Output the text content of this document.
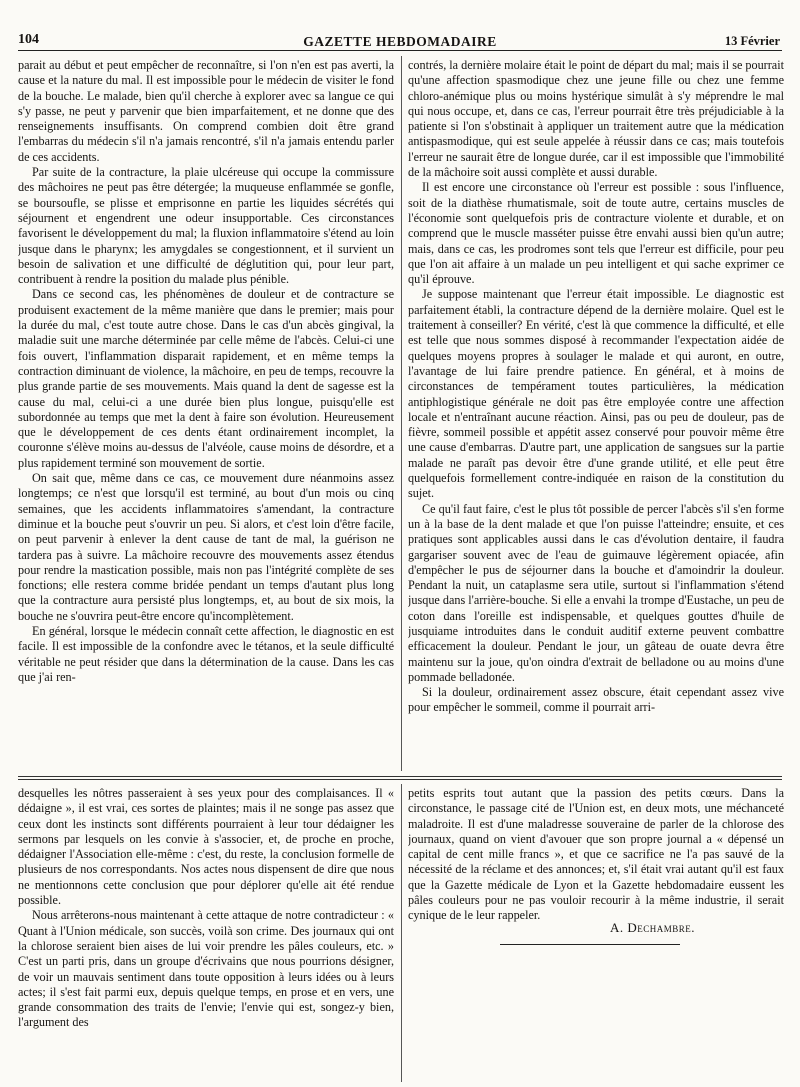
104	GAZETTE HEBDOMADAIRE	13 Février

parait au début et peut empêcher de reconnaître, si l'on n'en est pas averti, la cause et la nature du mal. Il est impossible pour le médecin de visiter le fond de la bouche. Le malade, bien qu'il cherche à explorer avec sa langue ce qui s'y passe, ne peut y parvenir que bien imparfaitement, et ne donne que des renseignements insuffisants. On comprend combien doit être grand l'embarras du médecin s'il n'a jamais rencontré, s'il n'a jamais entendu parler de ces accidents.

Par suite de la contracture, la plaie ulcéreuse qui occupe la commissure des mâchoires ne peut pas être détergée; la muqueuse enflammée se gonfle, se boursoufle, se plisse et emprisonne en partie les liquides sécrétés qui séjournent et engendrent une odeur insupportable. Ces circonstances favorisent le développement du mal; la fluxion inflammatoire s'étend au loin jusque dans le pharynx; les amygdales se congestionnent, et il survient un besoin de salivation et une difficulté de déglutition qui, pour leur part, contribuent à rendre la position du malade plus pénible.

Dans ce second cas, les phénomènes de douleur et de contracture se produisent exactement de la même manière que dans le premier; mais pour la durée du mal, c'est toute autre chose. Dans le cas d'un abcès gingival, la maladie suit une marche déterminée par celle même de l'abcès. Celui-ci une fois ouvert, l'inflammation disparait rapidement, et en même temps la contraction diminuant de violence, la mâchoire, en peu de temps, recouvre la plus grande partie de ses mouvements. Mais quand la dent de sagesse est la cause du mal, celui-ci a une durée bien plus longue, puisqu'elle est subordonnée au temps que met la dent à faire son évolution. Heureusement que le développement de ces dents étant ordinairement incomplet, la couronne s'élève moins au-dessus de l'alvéole, cause moins de désordre, et a plus rapidement terminé son mouvement de sortie.

On sait que, même dans ce cas, ce mouvement dure néanmoins assez longtemps; ce n'est que lorsqu'il est terminé, au bout d'un mois ou cinq semaines, que les accidents inflammatoires s'amendant, la contracture diminue et la bouche peut s'ouvrir un peu. Si alors, et c'est loin d'être facile, on peut parvenir à enlever la dent cause de tant de mal, la guérison ne tardera pas à suivre. La mâchoire recouvre des mouvements assez étendus pour rendre la mastication possible, mais non pas l'intégrité complète de ses fonctions; elle restera comme bridée pendant un temps d'autant plus long que la contracture aura persisté plus longtemps, et, au bout de six mois, la bouche ne s'ouvrira peut-être encore qu'incomplètement.

En général, lorsque le médecin connaît cette affection, le diagnostic en est facile. Il est impossible de la confondre avec le tétanos, et la seule difficulté véritable ne peut résider que dans la détermination de la cause. Dans les cas que j'ai ren-

contrés, la dernière molaire était le point de départ du mal; mais il se pourrait qu'une affection spasmodique chez une jeune fille ou chez une femme chloro-anémique plus ou moins hystérique simulât à s'y méprendre le mal qui nous occupe, et, dans ce cas, l'erreur pourrait être très préjudiciable à la patiente si l'on s'obstinait à appliquer un traitement autre que la médication antispasmodique, qui est seule appelée à réussir dans ce cas; mais toutefois l'erreur ne saurait être de longue durée, car il est impossible que l'immobilité de la mâchoire soit aussi complète et aussi durable.

Il est encore une circonstance où l'erreur est possible : sous l'influence, soit de la diathèse rhumatismale, soit de toute autre, certains muscles de l'économie sont quelquefois pris de contracture violente et durable, et on comprend que le muscle masséter puisse être envahi aussi bien qu'un autre; mais, dans ce cas, les prodromes sont tels que l'erreur est difficile, pour peu que l'on ait affaire à un malade un peu intelligent et qui sache exprimer ce qu'il éprouve.

Je suppose maintenant que l'erreur était impossible. Le diagnostic est parfaitement établi, la contracture dépend de la dernière molaire. Quel est le traitement à conseiller? En vérité, c'est là que commence la difficulté, et elle est telle que nous sommes disposé à recommander l'expectation aidée de quelques moyens propres à soulager le malade et qui auront, en outre, l'avantage de lui faire prendre patience. En général, et à moins de circonstances de tempérament toutes particulières, la médication antiphlogistique générale ne doit pas être employée contre une affection locale et n'entraînant aucune réaction. Ainsi, pas ou peu de douleur, pas de fièvre, sommeil possible et appétit assez conservé pour pouvoir même être une cause d'embarras. D'autre part, une application de sangsues sur la partie malade ne paraît pas devoir être d'une grande utilité, et elle peut être quelquefois formellement contre-indiquée en raison de la constitution du sujet.

Ce qu'il faut faire, c'est le plus tôt possible de percer l'abcès s'il s'en forme un à la base de la dent malade et que l'on puisse l'atteindre; ensuite, et ces pratiques sont applicables aussi dans le cas d'évolution dentaire, il faudra gargariser souvent avec de l'eau de guimauve légèrement opiacée, afin d'empêcher le pus de séjourner dans la bouche et d'amoindrir la douleur. Pendant la nuit, un cataplasme sera utile, surtout si l'inflammation s'étend jusque dans l'arrière-bouche. Si elle a envahi la trompe d'Eustache, un peu de coton dans l'oreille est indispensable, et quelques gouttes d'huile de jusquiame introduites dans le conduit auditif externe peuvent combattre efficacement la douleur. Pendant le jour, un gâteau de ouate devra être maintenu sur la joue, qu'on oindra d'extrait de belladone ou au moins d'une pommade belladonée.

Si la douleur, ordinairement assez obscure, était cependant assez vive pour empêcher le sommeil, comme il pourrait arri-

desquelles les nôtres passeraient à ses yeux pour des complaisances. Il « dédaigne », il est vrai, ces sortes de plaintes; mais il ne songe pas assez que ceux dont les instincts sont différents pourraient à leur tour dédaigner les sermons par lesquels on les convie à s'associer, et, de proche en proche, dédaigner l'Association elle-même : c'est, du reste, la conclusion formelle de plusieurs de nos correspondants. Nos actes nous dispensent de dire que nous ne mentionnons cette conclusion que pour déplorer qu'elle ait été rendue possible.

Nous arrêterons-nous maintenant à cette attaque de notre contradicteur : « Quant à l'Union médicale, son succès, voilà son crime. Des journaux qui ont la chlorose seraient bien aises de lui voir prendre les pâles couleurs, etc. » C'est un parti pris, dans un groupe d'écrivains que nous pourrions désigner, de voir un mauvais sentiment dans toute opposition à leurs idées ou à leurs actes; il s'est fait parmi eux, depuis quelque temps, en prose et en vers, une grande consommation des traits de l'envie; l'envie qui est, songez-y bien, l'argument des

petits esprits tout autant que la passion des petits cœurs. Dans la circonstance, le passage cité de l'Union est, en deux mots, une méchanceté maladroite. Il est d'une maladresse souveraine de parler de la chlorose des journaux, quand on vient d'avouer que son propre journal a « dépensé un capital de cent mille francs », et que ce sacrifice ne l'a pas sauvé de la nécessité de la réclame et des annonces; et, s'il était vrai autant qu'il est faux que la Gazette médicale de Lyon et la Gazette hebdomadaire eussent les pâles couleurs pour ne pas vouloir recourir à la même industrie, il serait cynique de le leur rappeler.

A. Dechambre.
